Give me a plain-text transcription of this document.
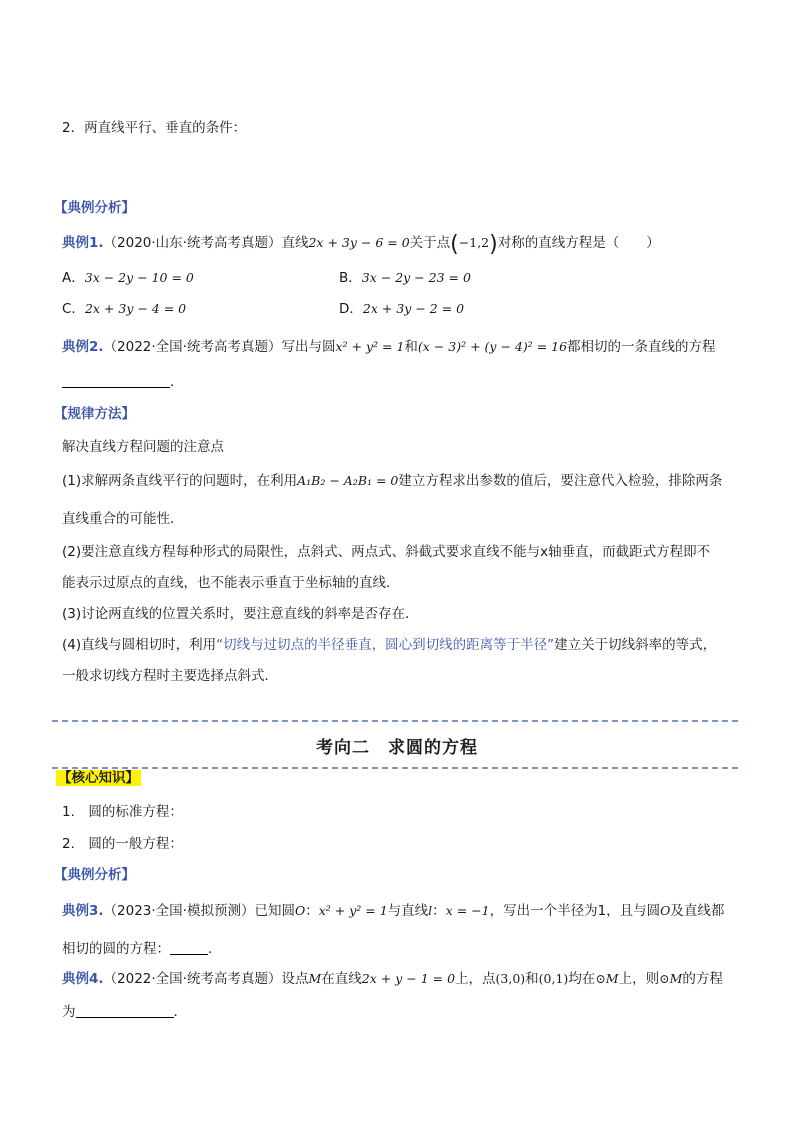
2．两直线平行、垂直的条件：
【典例分析】
典例1.（2020·山东·统考高考真题）直线2x + 3y − 6 = 0关于点(−1,2)对称的直线方程是（　　）
A．3x − 2y − 10 = 0	B．3x − 2y − 23 = 0
C．2x + 3y − 4 = 0	D．2x + 3y − 2 = 0
典例2.（2022·全国·统考高考真题）写出与圆x² + y² = 1和(x − 3)² + (y − 4)² = 16都相切的一条直线的方程
．
【规律方法】
解决直线方程问题的注意点
(1)求解两条直线平行的问题时，在利用A₁B₂ − A₂B₁ = 0建立方程求出参数的值后，要注意代入检验，排除两条
直线重合的可能性．
(2)要注意直线方程每种形式的局限性，点斜式、两点式、斜截式要求直线不能与x轴垂直，而截距式方程即不
能表示过原点的直线，也不能表示垂直于坐标轴的直线．
(3)讨论两直线的位置关系时，要注意直线的斜率是否存在．
(4)直线与圆相切时，利用“切线与过切点的半径垂直，圆心到切线的距离等于半径”建立关于切线斜率的等式，
一般求切线方程时主要选择点斜式．
考向二　求圆的方程
【核心知识】
1.　圆的标准方程：
2.　圆的一般方程：
【典例分析】
典例3.（2023·全国·模拟预测）已知圆O：x² + y² = 1与直线l：x = −1，写出一个半径为1，且与圆O及直线都
相切的圆的方程：	．
典例4.（2022·全国·统考高考真题）设点M在直线2x + y − 1 = 0上，点(3,0)和(0,1)均在⊙M上，则⊙M的方程
为	．
